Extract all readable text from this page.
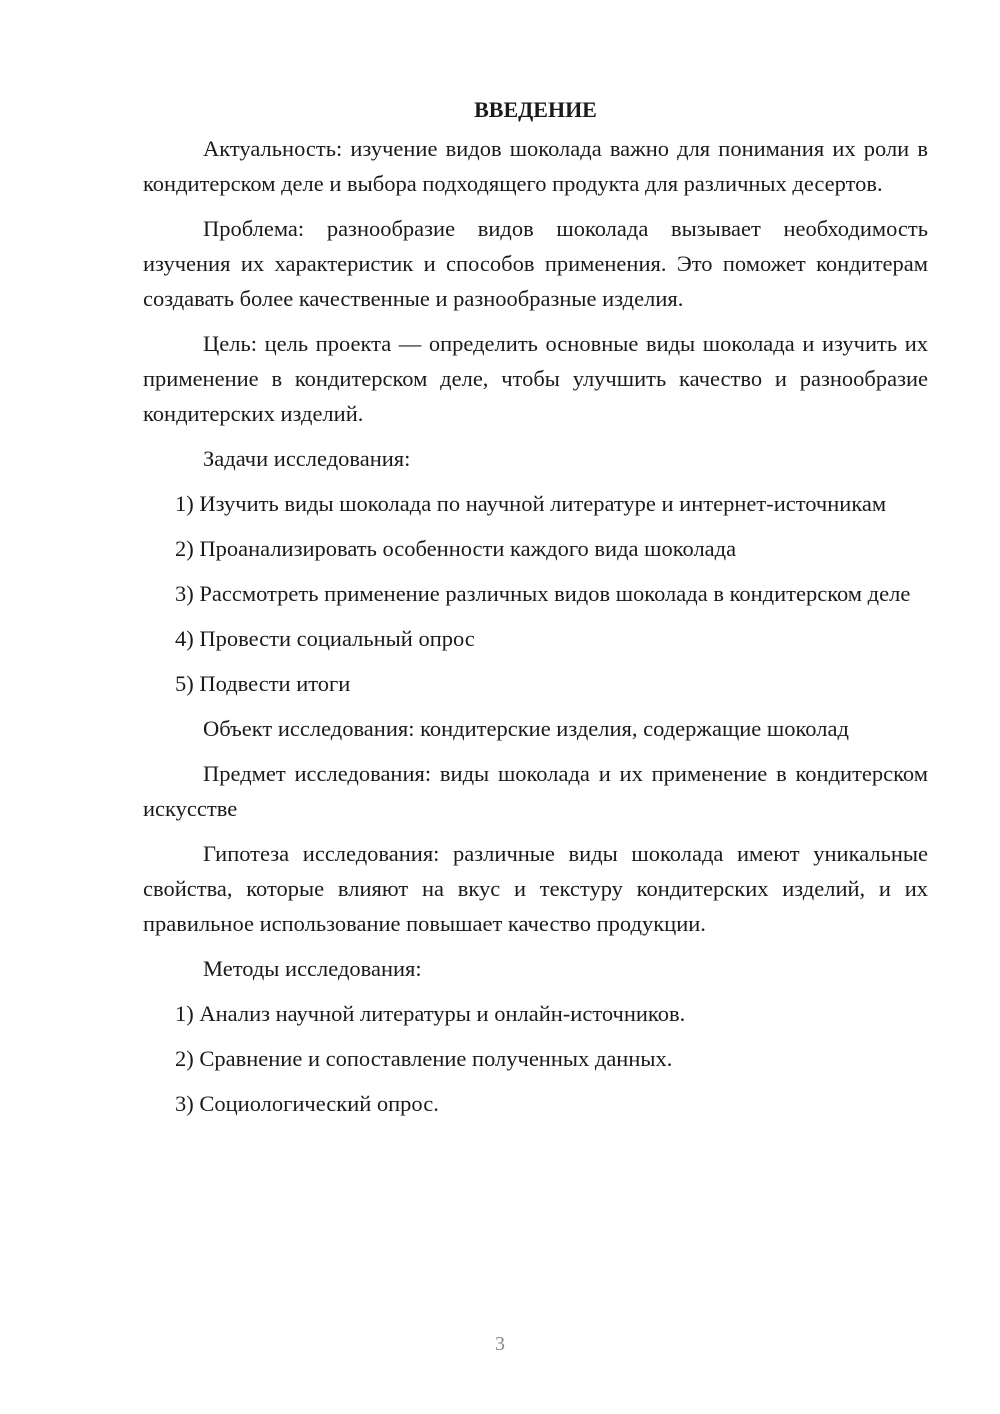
ВВЕДЕНИЕ

Актуальность: изучение видов шоколада важно для понимания их роли в кондитерском деле и выбора подходящего продукта для различных десертов.

Проблема: разнообразие видов шоколада вызывает необходимость изучения их характеристик и способов применения. Это поможет кондитерам создавать более качественные и разнообразные изделия.

Цель: цель проекта — определить основные виды шоколада и изучить их применение в кондитерском деле, чтобы улучшить качество и разнообразие кондитерских изделий.

Задачи исследования:

1) Изучить виды шоколада по научной литературе и интернет-источникам

2) Проанализировать особенности каждого вида шоколада

3) Рассмотреть применение различных видов шоколада в кондитерском деле

4) Провести социальный опрос

5) Подвести итоги

Объект исследования: кондитерские изделия, содержащие шоколад

Предмет исследования: виды шоколада и их применение в кондитерском искусстве

Гипотеза исследования: различные виды шоколада имеют уникальные свойства, которые влияют на вкус и текстуру кондитерских изделий, и их правильное использование повышает качество продукции.

Методы исследования:

1) Анализ научной литературы и онлайн-источников.

2) Сравнение и сопоставление полученных данных.

3) Социологический опрос.

3
